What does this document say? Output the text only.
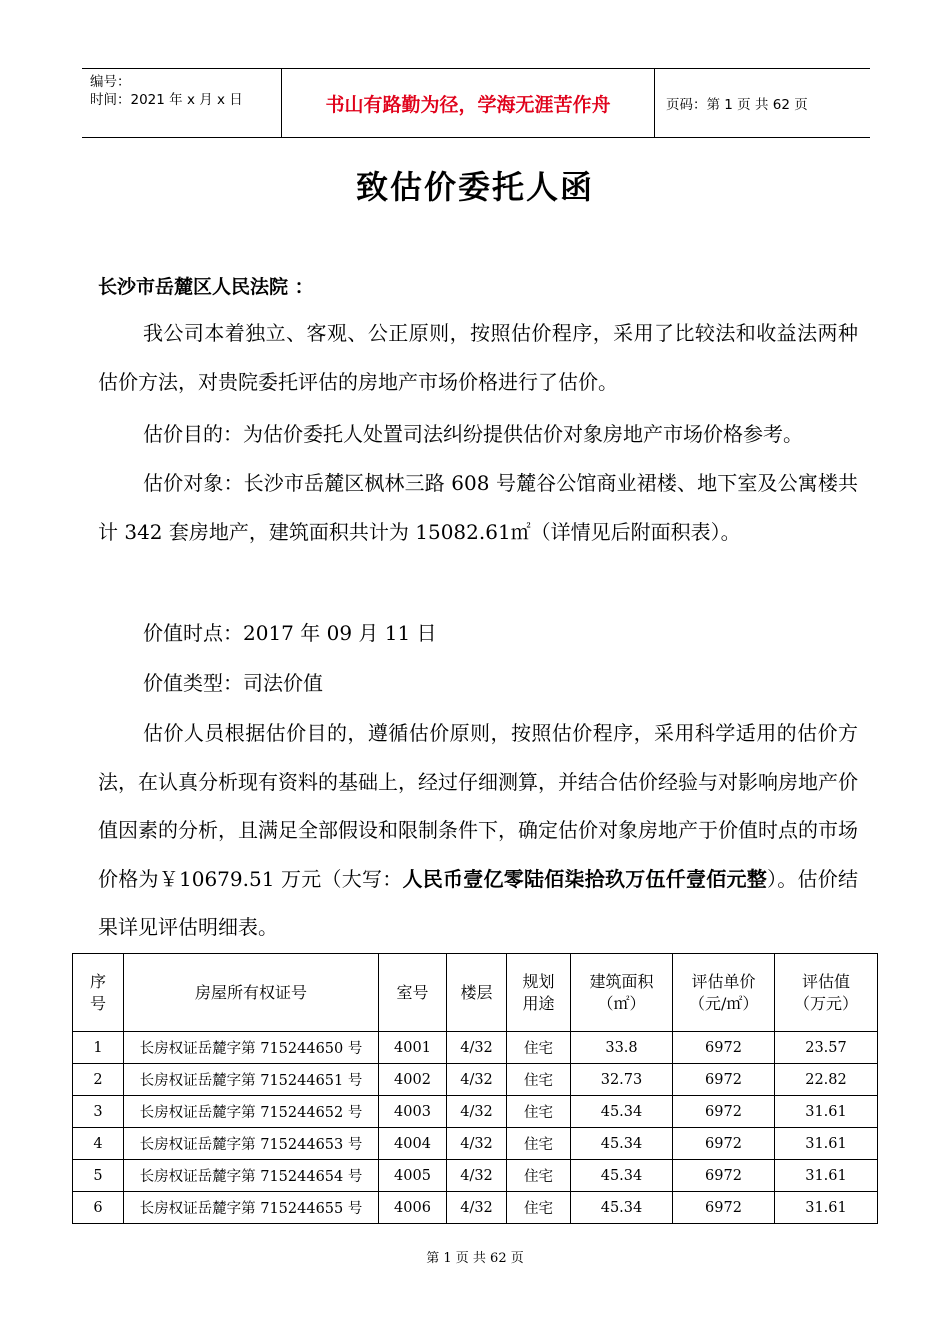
编号：
时间：2021 年 x 月 x 日	书山有路勤为径，学海无涯苦作舟	页码：第 1 页 共 62 页
致估价委托人函
长沙市岳麓区人民法院 ：
我公司本着独立、客观、公正原则，按照估价程序，采用了比较法和收益法两种估价方法，对贵院委托评估的房地产市场价格进行了估价。
估价目的：为估价委托人处置司法纠纷提供估价对象房地产市场价格参考。
估价对象：长沙市岳麓区枫林三路 608 号麓谷公馆商业裙楼、地下室及公寓楼共计 342 套房地产，建筑面积共计为 15082.61㎡（详情见后附面积表）。
价值时点：2017 年 09 月 11 日
价值类型：司法价值
估价人员根据估价目的，遵循估价原则，按照估价程序，采用科学适用的估价方法，在认真分析现有资料的基础上，经过仔细测算，并结合估价经验与对影响房地产价值因素的分析，且满足全部假设和限制条件下，确定估价对象房地产于价值时点的市场价格为￥10679.51 万元（大写：人民币壹亿零陆佰柒拾玖万伍仟壹佰元整）。估价结果详见评估明细表。
序号	房屋所有权证号	室号	楼层	规划用途	建筑面积（㎡）	评估单价（元/㎡）	评估值（万元）
1	长房权证岳麓字第 715244650 号	4001	4/32	住宅	33.8	6972	23.57
2	长房权证岳麓字第 715244651 号	4002	4/32	住宅	32.73	6972	22.82
3	长房权证岳麓字第 715244652 号	4003	4/32	住宅	45.34	6972	31.61
4	长房权证岳麓字第 715244653 号	4004	4/32	住宅	45.34	6972	31.61
5	长房权证岳麓字第 715244654 号	4005	4/32	住宅	45.34	6972	31.61
6	长房权证岳麓字第 715244655 号	4006	4/32	住宅	45.34	6972	31.61
第 1 页 共 62 页
